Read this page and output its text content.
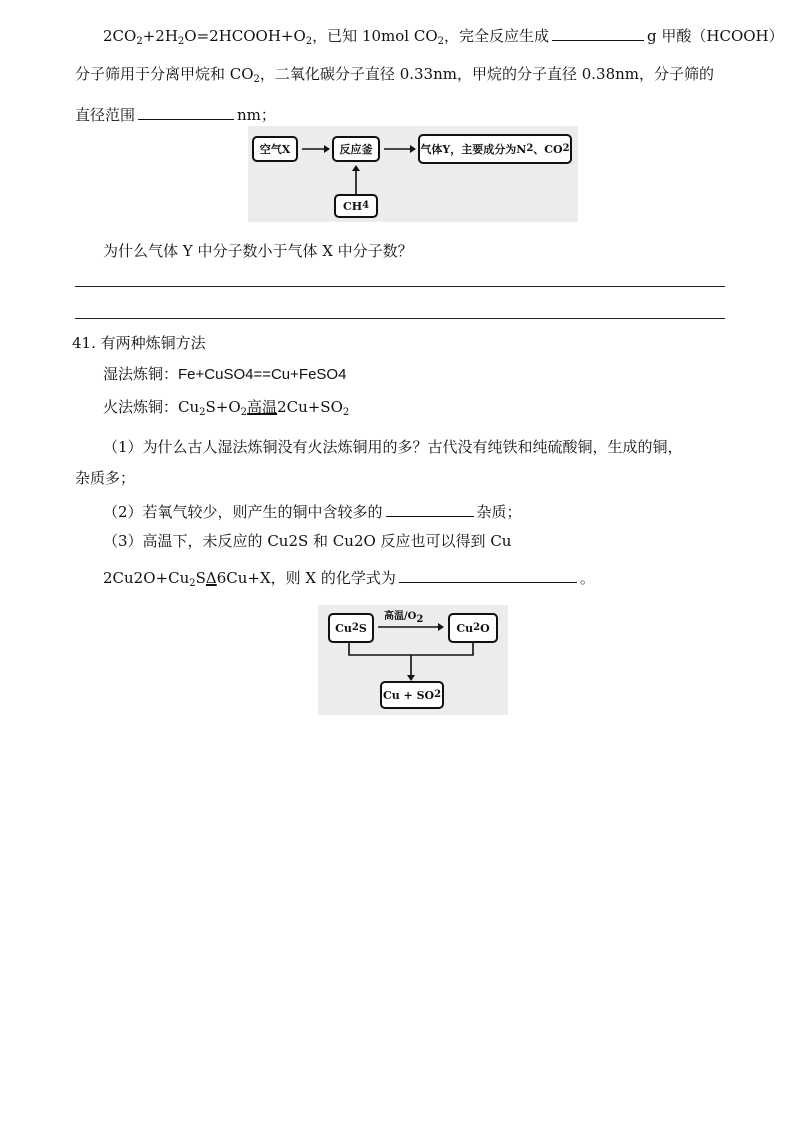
$2CO_2+2H_2O=2HCOOH+O_2$，已知 10mol $CO_2$，完全反应生成	g 甲酸（HCOOH）
分子筛用于分离甲烷和 $CO_2$，二氧化碳分子直径 0.33nm，甲烷的分子直径 0.38nm，分子筛的
直径范围	nm；
空气X	反应釜	气体Y，主要成分为N 2 、CO 2
CH 4
为什么气体 Y 中分子数小于气体 X 中分子数？
41. 有两种炼铜方法
湿法炼铜：Fe+CuSO4==Cu+FeSO4
火法炼铜：$Cu_2S+O_2$高温$2Cu+SO_2$
（1）为什么古人湿法炼铜没有火法炼铜用的多？古代没有纯铁和纯硫酸铜，生成的铜，
杂质多；
（2）若氧气较少，则产生的铜中含较多的	杂质；
（3）高温下，未反应的 Cu2S 和 Cu2O 反应也可以得到 Cu
$2Cu2O+Cu_2S\Delta 6Cu+X$，则 X 的化学式为	。
Cu 2 S
高温$/O_2$
Cu 2 O
Cu + SO 2
